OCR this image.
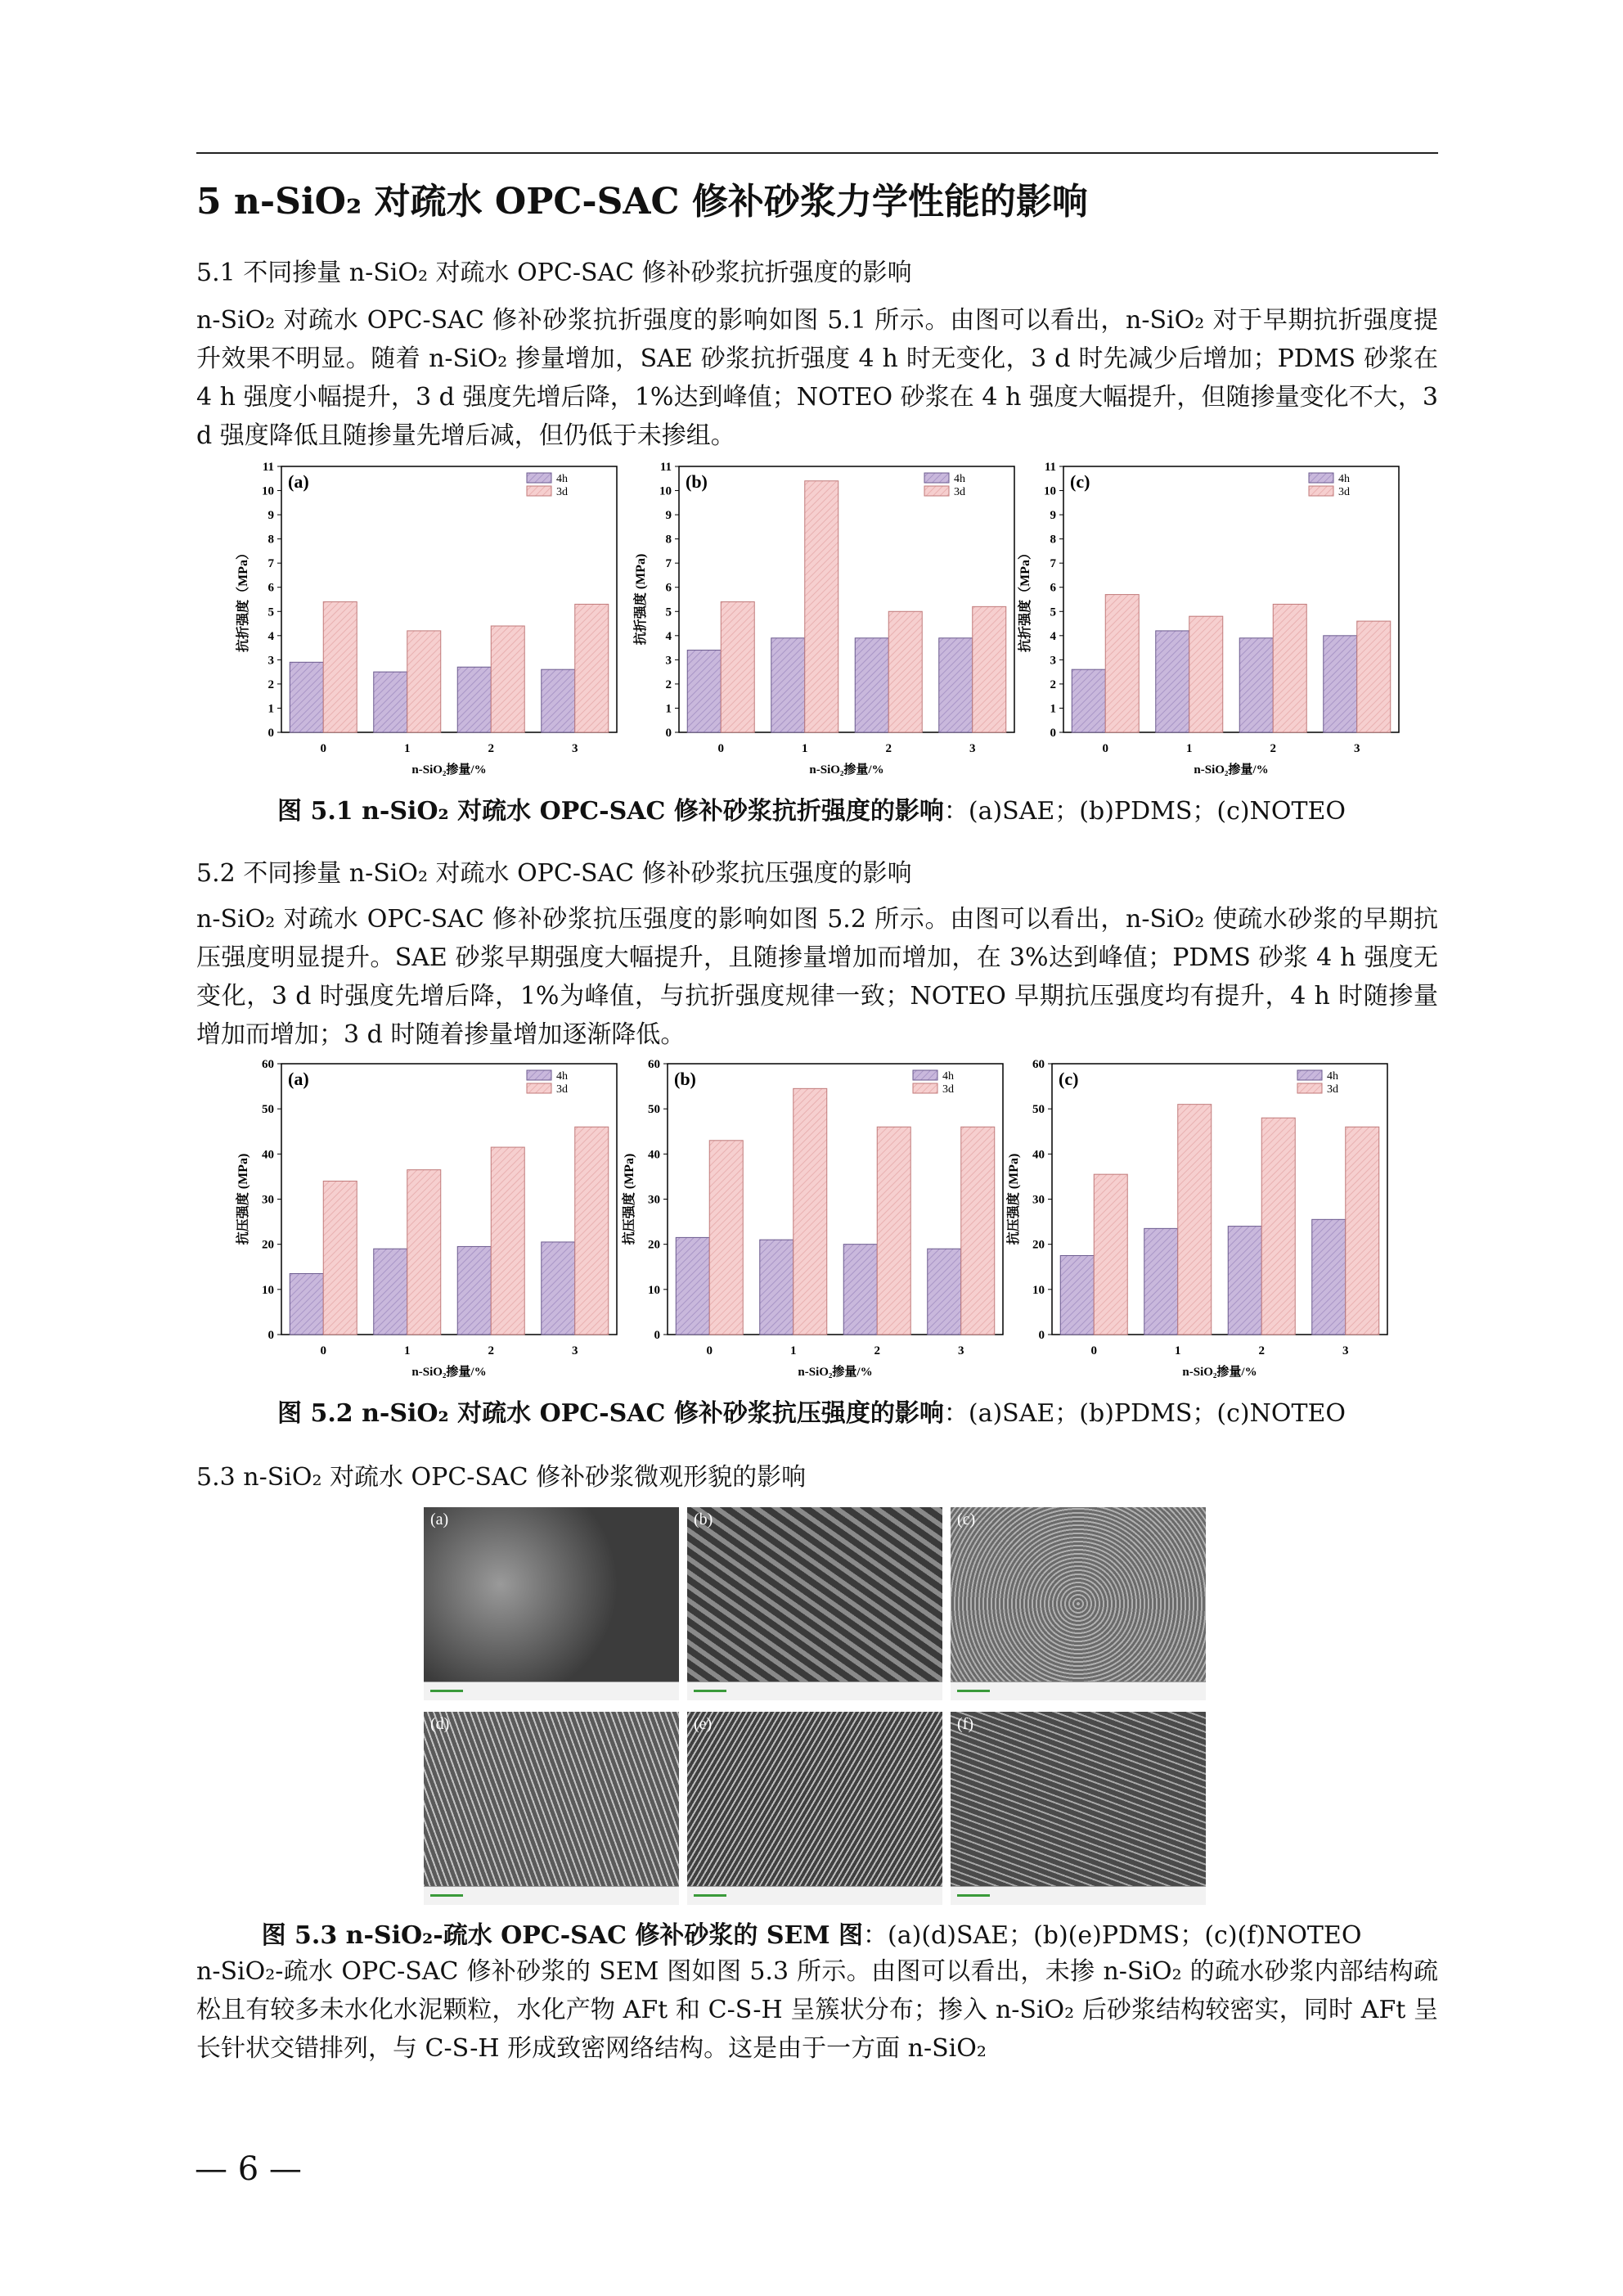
5 n-SiO₂ 对疏水 OPC-SAC 修补砂浆力学性能的影响
5.1 不同掺量 n-SiO₂ 对疏水 OPC-SAC 修补砂浆抗折强度的影响
n-SiO₂ 对疏水 OPC-SAC 修补砂浆抗折强度的影响如图 5.1 所示。由图可以看出，n-SiO₂ 对于早期抗折强度提升效果不明显。随着 n-SiO₂ 掺量增加，SAE 砂浆抗折强度 4 h 时无变化，3 d 时先减少后增加；PDMS 砂浆在 4 h 强度小幅提升，3 d 强度先增后降，1%达到峰值；NOTEO 砂浆在 4 h 强度大幅提升，但随掺量变化不大，3 d 强度降低且随掺量先增后减，但仍低于未掺组。
0
1
2
3
4
5
6
7
8
9
10
11
0	1	2	3
(a)	4h
3d
n-SiO₂掺量/%
抗折强度（MPa）
0
1
2
3
4
5
6
7
8
9
10
11
0	1	2	3
(b)	4h
3d
n-SiO₂掺量/%
抗折强度 (MPa)
0
1
2
3
4
5
6
7
8
9
10
11
0	1	2	3
(c)	4h
3d
n-SiO₂掺量/%
抗折强度（MPa）
图 5.1 n-SiO₂ 对疏水 OPC-SAC 修补砂浆抗折强度的影响：(a)SAE；(b)PDMS；(c)NOTEO
5.2 不同掺量 n-SiO₂ 对疏水 OPC-SAC 修补砂浆抗压强度的影响
n-SiO₂ 对疏水 OPC-SAC 修补砂浆抗压强度的影响如图 5.2 所示。由图可以看出，n-SiO₂ 使疏水砂浆的早期抗压强度明显提升。SAE 砂浆早期强度大幅提升，且随掺量增加而增加，在 3%达到峰值；PDMS 砂浆 4 h 强度无变化，3 d 时强度先增后降，1%为峰值，与抗折强度规律一致；NOTEO 早期抗压强度均有提升，4 h 时随掺量增加而增加；3 d 时随着掺量增加逐渐降低。
0
10
20
30
40
50
60
0	1	2	3
(a)	4h
3d
n-SiO₂掺量/%
抗压强度 (MPa)
0
10
20
30
40
50
60
0	1	2	3
(b)	4h
3d
n-SiO₂掺量/%
抗压强度 (MPa)
0
10
20
30
40
50
60
0	1	2	3
(c)	4h
3d
n-SiO₂掺量/%
抗压强度 (MPa)
图 5.2 n-SiO₂ 对疏水 OPC-SAC 修补砂浆抗压强度的影响：(a)SAE；(b)PDMS；(c)NOTEO
5.3 n-SiO₂ 对疏水 OPC-SAC 修补砂浆微观形貌的影响
(a)	(b)	(c)
(d)	(e)	(f)
图 5.3 n-SiO₂-疏水 OPC-SAC 修补砂浆的 SEM 图：(a)(d)SAE；(b)(e)PDMS；(c)(f)NOTEO
n-SiO₂-疏水 OPC-SAC 修补砂浆的 SEM 图如图 5.3 所示。由图可以看出，未掺 n-SiO₂ 的疏水砂浆内部结构疏松且有较多未水化水泥颗粒，水化产物 AFt 和 C-S-H 呈簇状分布；掺入 n-SiO₂ 后砂浆结构较密实，同时 AFt 呈长针状交错排列，与 C-S-H 形成致密网络结构。这是由于一方面 n-SiO₂
— 6 —
